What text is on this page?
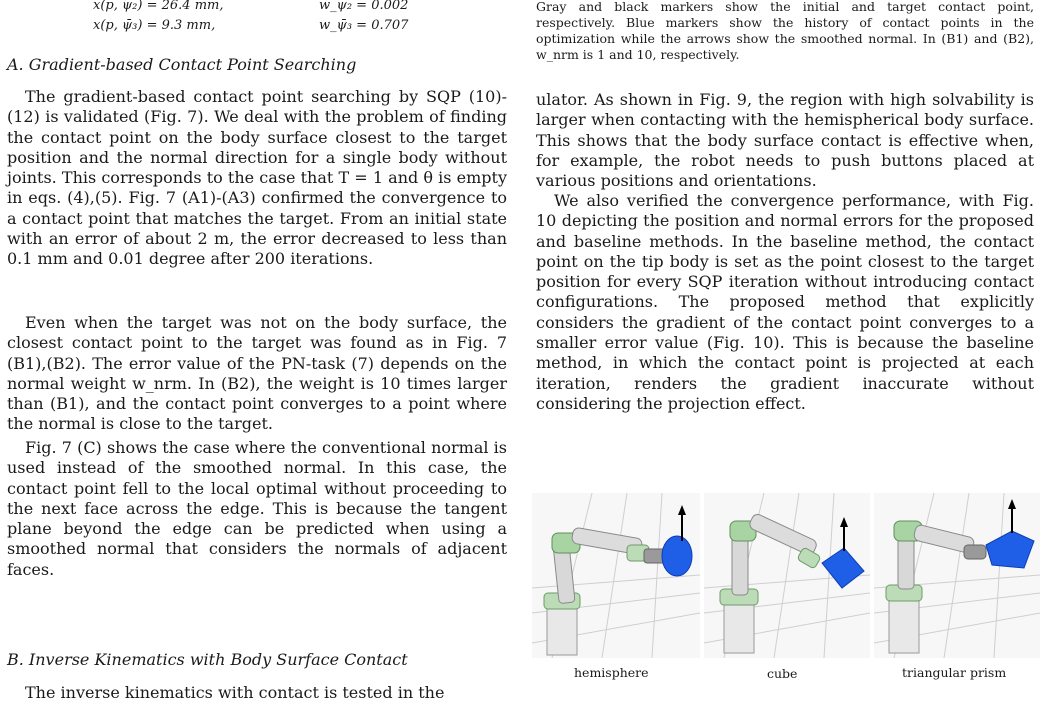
x(p, ψ̄₂) = 26.4 mm,	w_ψ̄₂ = 0.002
x(p, ψ̄₃) = 9.3 mm,	w_ψ̄₃ = 0.707

A. Gradient-based Contact Point Searching

The gradient-based contact point searching by SQP (10)-(12) is validated (Fig. 7). We deal with the problem of finding the contact point on the body surface closest to the target position and the normal direction for a single body without joints. This corresponds to the case that T = 1 and θ is empty in eqs. (4),(5). Fig. 7 (A1)-(A3) confirmed the convergence to a contact point that matches the target. From an initial state with an error of about 2 m, the error decreased to less than 0.1 mm and 0.01 degree after 200 iterations.

Even when the target was not on the body surface, the closest contact point to the target was found as in Fig. 7 (B1),(B2). The error value of the PN-task (7) depends on the normal weight w_nrm. In (B2), the weight is 10 times larger than (B1), and the contact point converges to a point where the normal is close to the target.

Fig. 7 (C) shows the case where the conventional normal is used instead of the smoothed normal. In this case, the contact point fell to the local optimal without proceeding to the next face across the edge. This is because the tangent plane beyond the edge can be predicted when using a smoothed normal that considers the normals of adjacent faces.

B. Inverse Kinematics with Body Surface Contact

The inverse kinematics with contact is tested in the

Gray and black markers show the initial and target contact point, respectively. Blue markers show the history of contact points in the optimization while the arrows show the smoothed normal. In (B1) and (B2), w_nrm is 1 and 10, respectively.

ulator. As shown in Fig. 9, the region with high solvability is larger when contacting with the hemispherical body surface. This shows that the body surface contact is effective when, for example, the robot needs to push buttons placed at various positions and orientations.

We also verified the convergence performance, with Fig. 10 depicting the position and normal errors for the proposed and baseline methods. In the baseline method, the contact point on the tip body is set as the point closest to the target position for every SQP iteration without introducing contact configurations. The proposed method that explicitly considers the gradient of the contact point converges to a smaller error value (Fig. 10). This is because the baseline method, in which the contact point is projected at each iteration, renders the gradient inaccurate without considering the projection effect.

hemisphere	cube	triangular prism
